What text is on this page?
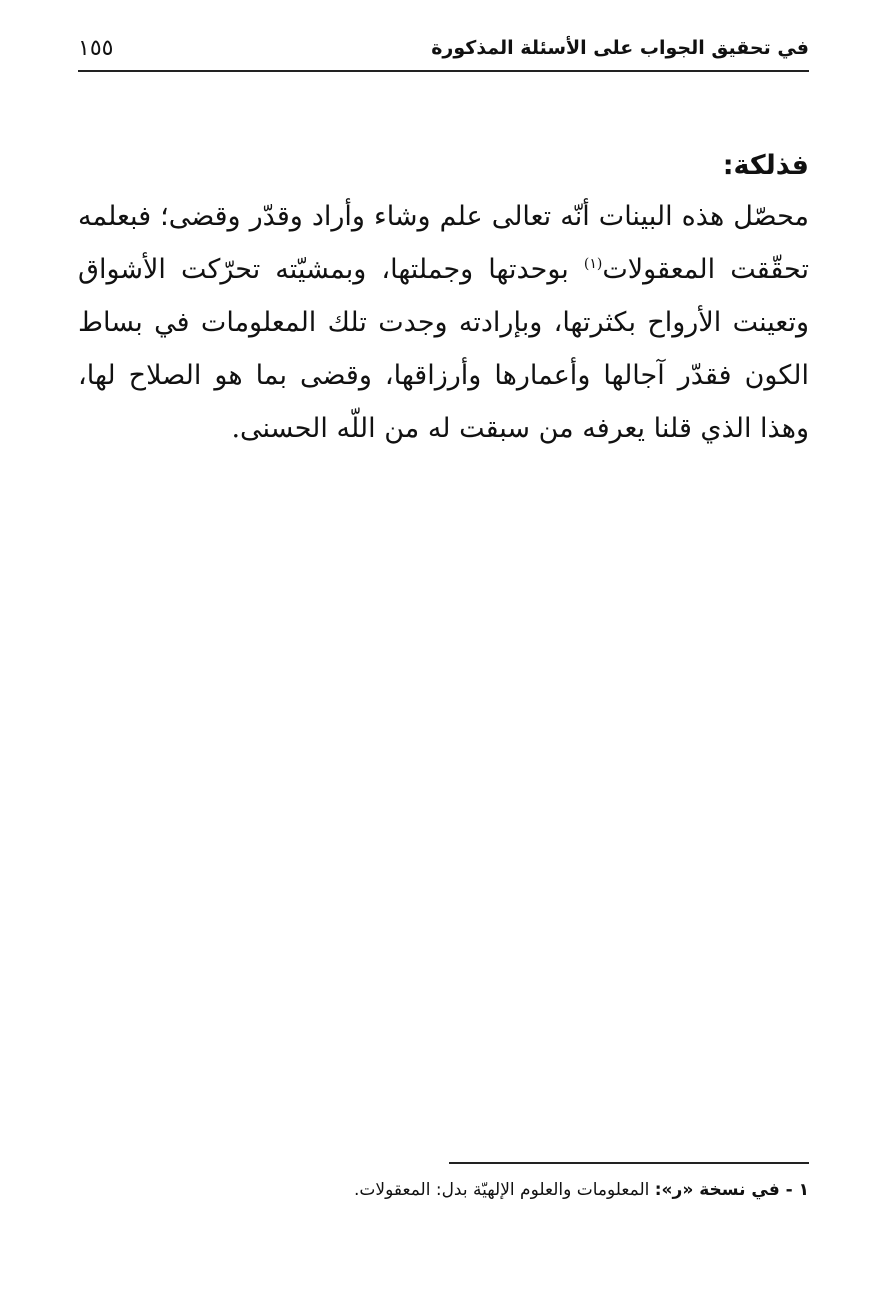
في تحقيق الجواب على الأسئلة المذكورة
١٥٥
فذلكة:

محصّل هذه البينات أنّه تعالى علم وشاء وأراد وقدّر وقضى؛ فبعلمه تحقّقت المعقولات$^{(١)}$ بوحدتها وجملتها، وبمشيّته تحرّكت الأشواق وتعينت الأرواح بكثرتها، وبإرادته وجدت تلك المعلومات في بساط الكون فقدّر آجالها وأعمارها وأرزاقها، وقضى بما هو الصلاح لها، وهذا الذي قلنا يعرفه من سبقت له من اللّه الحسنى.

١ - في نسخة «ر»: المعلومات والعلوم الإلهيّة بدل: المعقولات.
